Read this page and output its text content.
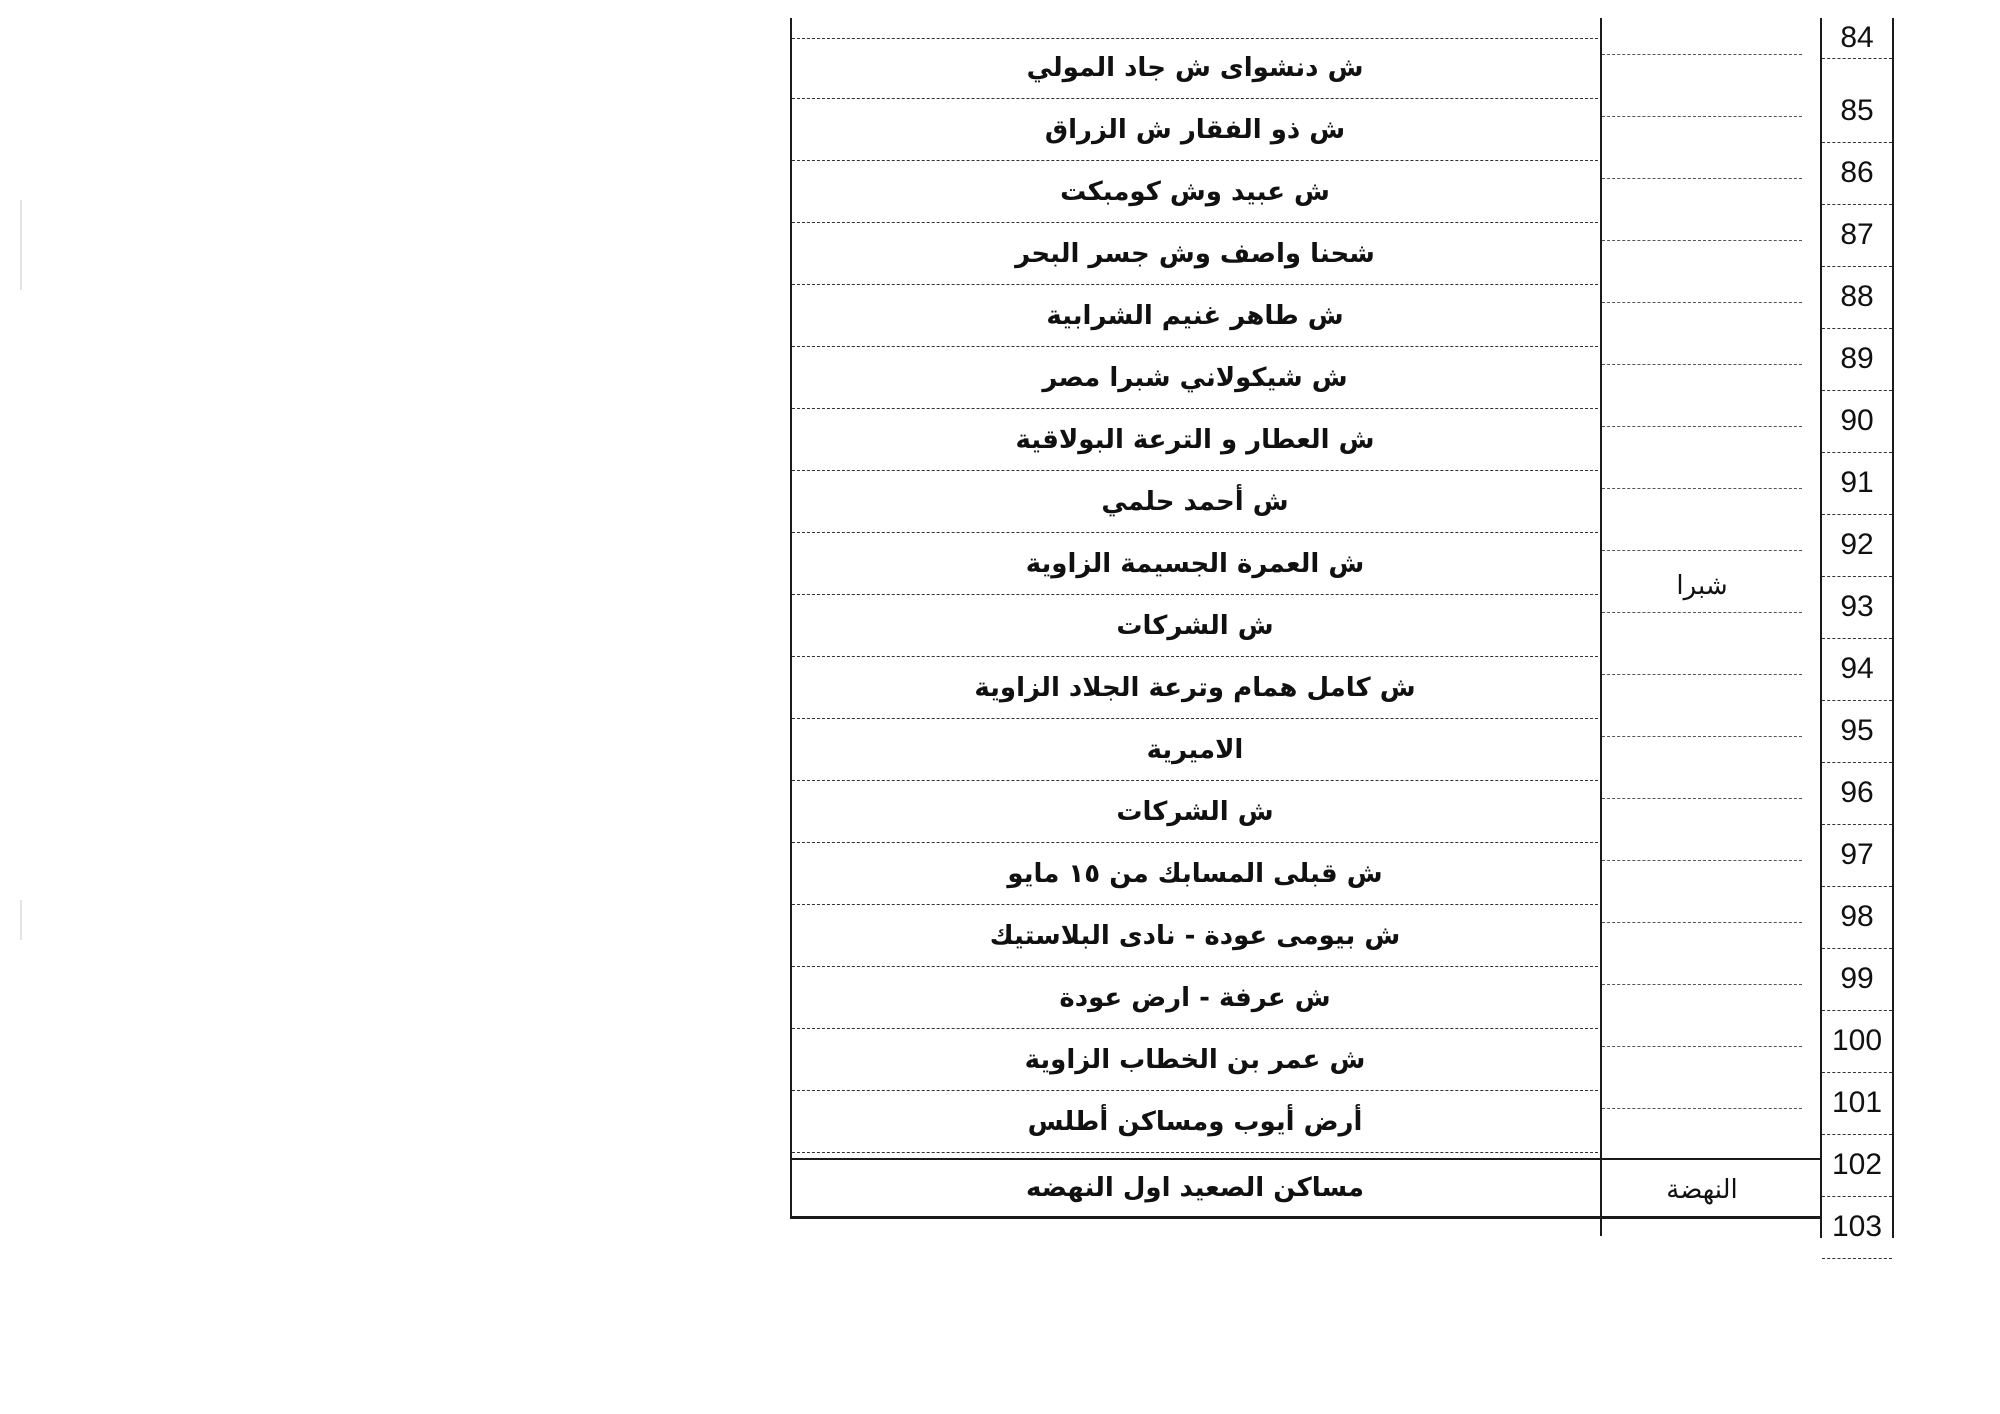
84
85
86
87
88
89
90
91
92
93
94
95
96
97
98
99
100
101
102
103
ش دنشواى ش جاد المولي
ش ذو الفقار ش الزراق
ش عبيد وش كومبكت
شحنا واصف وش جسر البحر
ش طاهر غنيم الشرابية
ش شيكولاني شبرا مصر
ش العطار و الترعة البولاقية
ش أحمد حلمي
ش العمرة الجسيمة الزاوية
ش الشركات
ش كامل همام وترعة الجلاد الزاوية
الاميرية
ش الشركات
ش قبلى المسابك من ١٥ مايو
ش بيومى عودة - نادى البلاستيك
ش عرفة - ارض عودة
ش عمر بن الخطاب الزاوية
أرض أيوب ومساكن أطلس
مساكن الصعيد اول النهضه
شبرا
النهضة
